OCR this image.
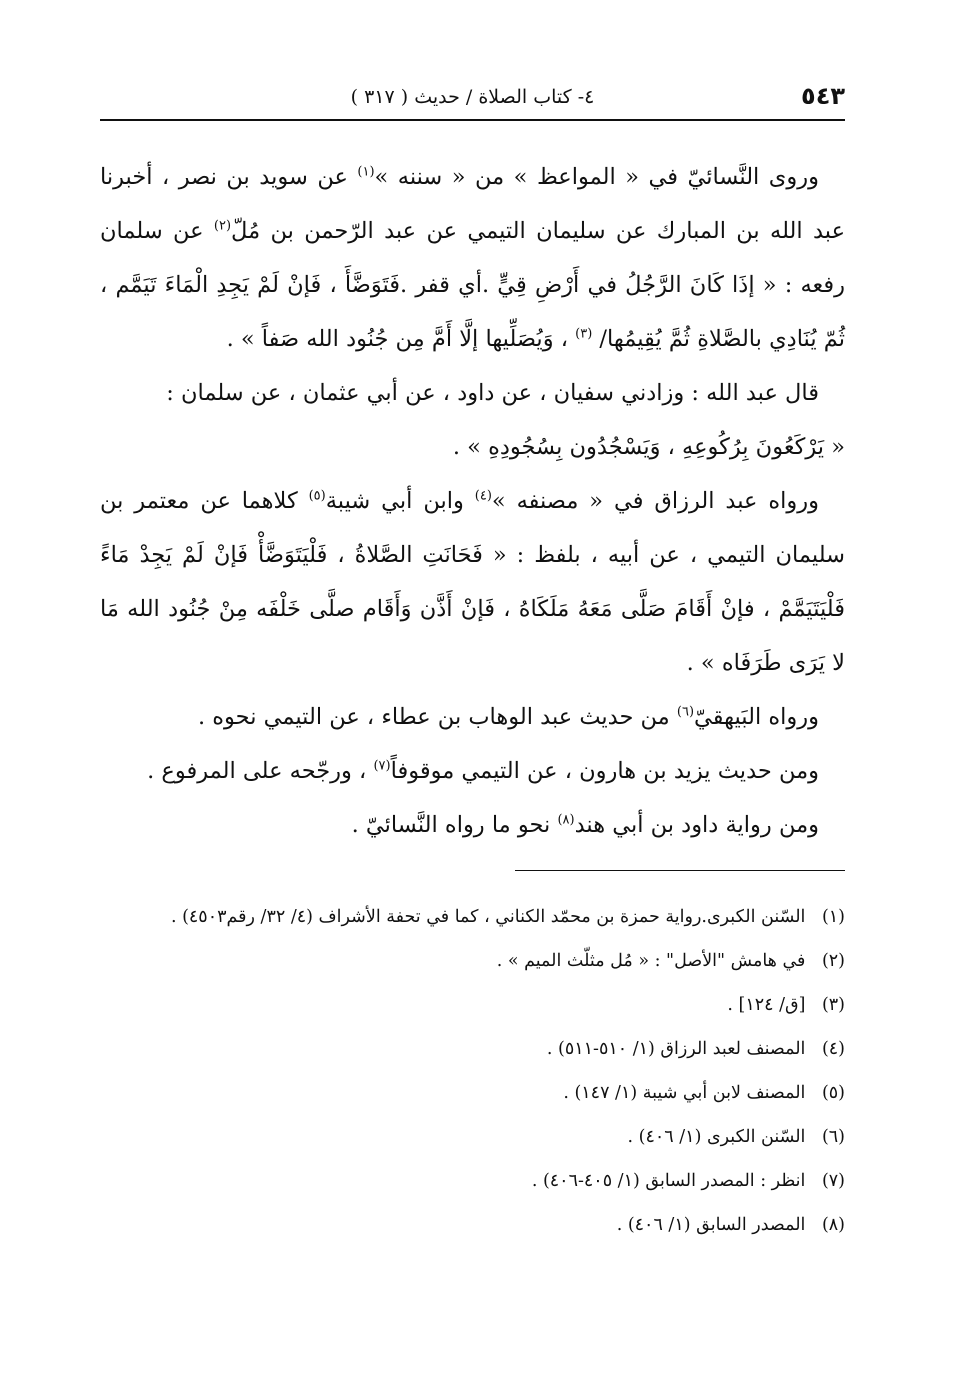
٥٤٣
٤- كتاب الصلاة / حديث ( ٣١٧ )

وروى النَّسائيّ في « المواعظ » من « سننه »$^{(١)}$ عن سويد بن نصر ، أخبرنا عبد الله بن المبارك عن سليمان التيمي عن عبد الرّحمن بن مُلّ$^{(٢)}$ عن سلمان رفعه : « إذَا كَانَ الرَّجُلُ في أَرْضِ قِيٍّ .أي قفر .فَتَوَضَّأَ ، فَإنْ لَمْ يَجِدِ الْمَاءَ تَيَمَّم ، ثُمّ يُنَادِي بالصَّلاةِ ثُمَّ يُقِيمُها/ $^{(٣)}$ ، وَيُصَلِّيها إلَّا أَمَّ مِن جُنُود الله صَفاً » .

قال عبد الله : وزادني سفيان ، عن داود ، عن أبي عثمان ، عن سلمان :

« يَرْكَعُونَ بِرُكُوعِهِ ، وَيَسْجُدُون بِسُجُودِهِ » .

ورواه عبد الرزاق في « مصنفه »$^{(٤)}$ وابن أبي شيبة$^{(٥)}$ كلاهما عن معتمر بن سليمان التيمي ، عن أبيه ، بلفظ : « فَحَانَتِ الصَّلاةُ ، فَلْيَتَوَضَّأْ فَإنْ لَمْ يَجِدْ مَاءً فَلْيَتَيَمَّمْ ، فإنْ أَقَامَ صَلَّى مَعَهُ مَلَكَاهُ ، فَإنْ أَذَّن وَأَقَام صلَّى خَلْفَه مِنْ جُنُود الله مَا لا يَرَى طَرَفَاه » .

ورواه البَيهقيّ$^{(٦)}$ من حديث عبد الوهاب بن عطاء ، عن التيمي نحوه .

ومن حديث يزيد بن هارون ، عن التيمي موقوفاً$^{(٧)}$ ، ورجّحه على المرفوع .

ومن رواية داود بن أبي هند$^{(٨)}$ نحو ما رواه النَّسائيّ .

(١) السّنن الكبرى.رواية حمزة بن محمّد الكناني ، كما في تحفة الأشراف (٤/ ٣٢/ رقم٤٥٠٣) .

(٢) في هامش "الأصل" : « مُل مثلّث الميم » .

(٣) [ق/ ١٢٤] .

(٤) المصنف لعبد الرزاق (١/ ٥١٠-٥١١) .

(٥) المصنف لابن أبي شيبة (١/ ١٤٧) .

(٦) السّنن الكبرى (١/ ٤٠٦) .

(٧) انظر : المصدر السابق (١/ ٤٠٥-٤٠٦) .

(٨) المصدر السابق (١/ ٤٠٦) .
